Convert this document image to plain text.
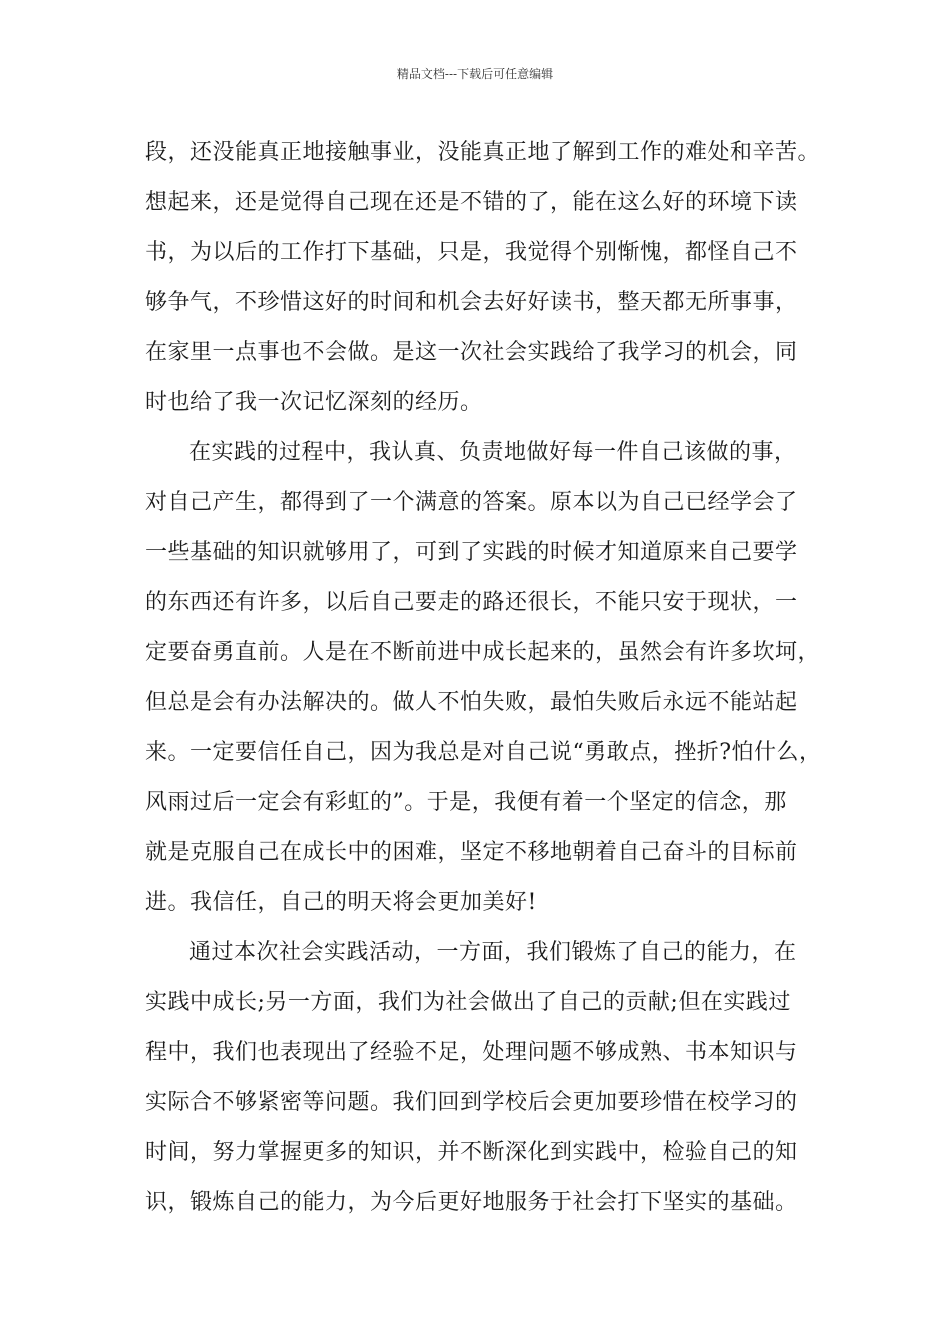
精品文档---下载后可任意编辑
段，还没能真正地接触事业，没能真正地了解到工作的难处和辛苦。
想起来，还是觉得自己现在还是不错的了，能在这么好的环境下读
书，为以后的工作打下基础，只是，我觉得个别惭愧，都怪自己不
够争气，不珍惜这好的时间和机会去好好读书，整天都无所事事，
在家里一点事也不会做。是这一次社会实践给了我学习的机会，同
时也给了我一次记忆深刻的经历。
在实践的过程中，我认真、负责地做好每一件自己该做的事，
对自己产生，都得到了一个满意的答案。原本以为自己已经学会了
一些基础的知识就够用了，可到了实践的时候才知道原来自己要学
的东西还有许多，以后自己要走的路还很长，不能只安于现状，一
定要奋勇直前。人是在不断前进中成长起来的，虽然会有许多坎坷，
但总是会有办法解决的。做人不怕失败，最怕失败后永远不能站起
来。一定要信任自己，因为我总是对自己说“勇敢点，挫折?怕什么，
风雨过后一定会有彩虹的”。于是，我便有着一个坚定的信念，那
就是克服自己在成长中的困难，坚定不移地朝着自己奋斗的目标前
进。我信任，自己的明天将会更加美好!
通过本次社会实践活动，一方面，我们锻炼了自己的能力，在
实践中成长;另一方面，我们为社会做出了自己的贡献;但在实践过
程中，我们也表现出了经验不足，处理问题不够成熟、书本知识与
实际合不够紧密等问题。我们回到学校后会更加要珍惜在校学习的
时间，努力掌握更多的知识，并不断深化到实践中，检验自己的知
识，锻炼自己的能力，为今后更好地服务于社会打下坚实的基础。
